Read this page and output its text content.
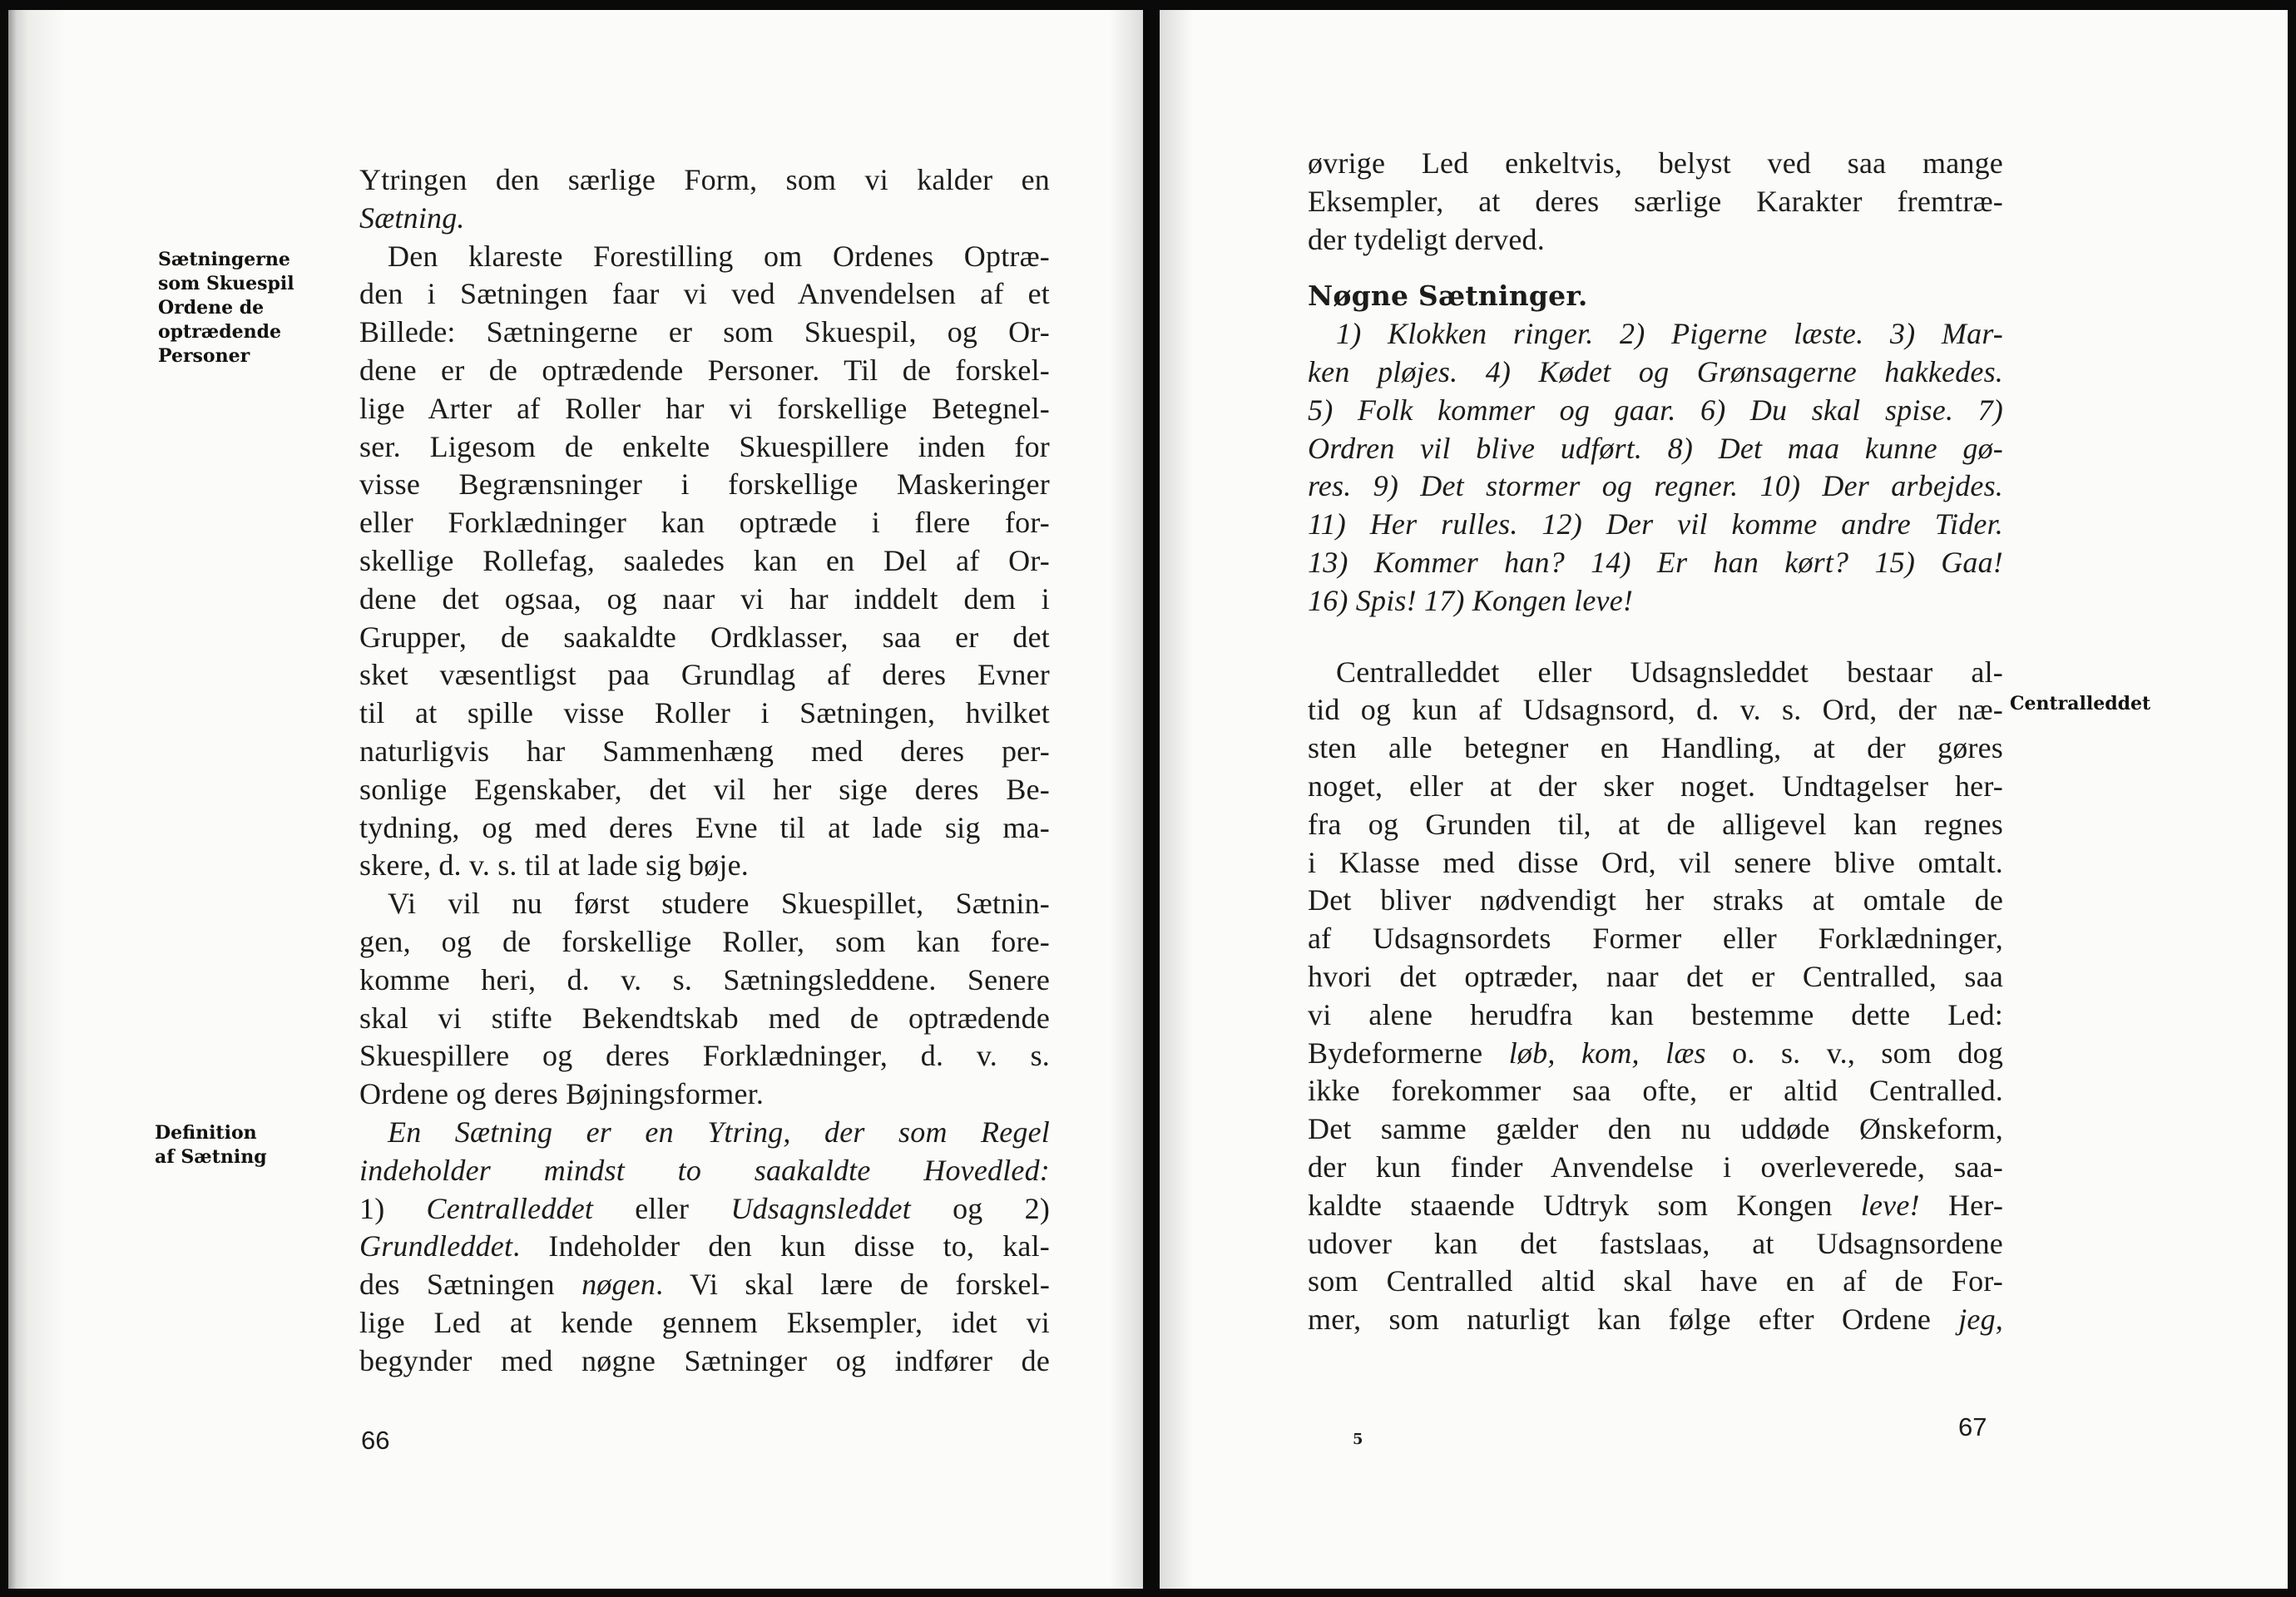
Sætningerne
som Skuespil
Ordene de
optrædende
Personer
Definition
af Sætning
Ytringen den særlige Form, som vi kalder en
Sætning.
Den klareste Forestilling om Ordenes Optræ-
den i Sætningen faar vi ved Anvendelsen af et
Billede: Sætningerne er som Skuespil, og Or-
dene er de optrædende Personer. Til de forskel-
lige Arter af Roller har vi forskellige Betegnel-
ser. Ligesom de enkelte Skuespillere inden for
visse Begrænsninger i forskellige Maskeringer
eller Forklædninger kan optræde i flere for-
skellige Rollefag, saaledes kan en Del af Or-
dene det ogsaa, og naar vi har inddelt dem i
Grupper, de saakaldte Ordklasser, saa er det
sket væsentligst paa Grundlag af deres Evner
til at spille visse Roller i Sætningen, hvilket
naturligvis har Sammenhæng med deres per-
sonlige Egenskaber, det vil her sige deres Be-
tydning, og med deres Evne til at lade sig ma-
skere, d. v. s. til at lade sig bøje.
Vi vil nu først studere Skuespillet, Sætnin-
gen, og de forskellige Roller, som kan fore-
komme heri, d. v. s. Sætningsleddene. Senere
skal vi stifte Bekendtskab med de optrædende
Skuespillere og deres Forklædninger, d. v. s.
Ordene og deres Bøjningsformer.
En Sætning er en Ytring, der som Regel
indeholder mindst to saakaldte Hovedled:
1) Centralleddet eller Udsagnsleddet og 2)
Grundleddet. Indeholder den kun disse to, kal-
des Sætningen nøgen. Vi skal lære de forskel-
lige Led at kende gennem Eksempler, idet vi
begynder med nøgne Sætninger og indfører de
66
Centralleddet
øvrige Led enkeltvis, belyst ved saa mange
Eksempler, at deres særlige Karakter fremtræ-
der tydeligt derved.
Nøgne Sætninger.
1) Klokken ringer. 2) Pigerne læste. 3) Mar-
ken pløjes. 4) Kødet og Grønsagerne hakkedes.
5) Folk kommer og gaar. 6) Du skal spise. 7)
Ordren vil blive udført. 8) Det maa kunne gø-
res. 9) Det stormer og regner. 10) Der arbejdes.
11) Her rulles. 12) Der vil komme andre Tider.
13) Kommer han? 14) Er han kørt? 15) Gaa!
16) Spis! 17) Kongen leve!
Centralleddet eller Udsagnsleddet bestaar al-
tid og kun af Udsagnsord, d. v. s. Ord, der næ-
sten alle betegner en Handling, at der gøres
noget, eller at der sker noget. Undtagelser her-
fra og Grunden til, at de alligevel kan regnes
i Klasse med disse Ord, vil senere blive omtalt.
Det bliver nødvendigt her straks at omtale de
af Udsagnsordets Former eller Forklædninger,
hvori det optræder, naar det er Centralled, saa
vi alene herudfra kan bestemme dette Led:
Bydeformerne løb, kom, læs o. s. v., som dog
ikke forekommer saa ofte, er altid Centralled.
Det samme gælder den nu uddøde Ønskeform,
der kun finder Anvendelse i overleverede, saa-
kaldte staaende Udtryk som Kongen leve! Her-
udover kan det fastslaas, at Udsagnsordene
som Centralled altid skal have en af de For-
mer, som naturligt kan følge efter Ordene jeg,
5	67
